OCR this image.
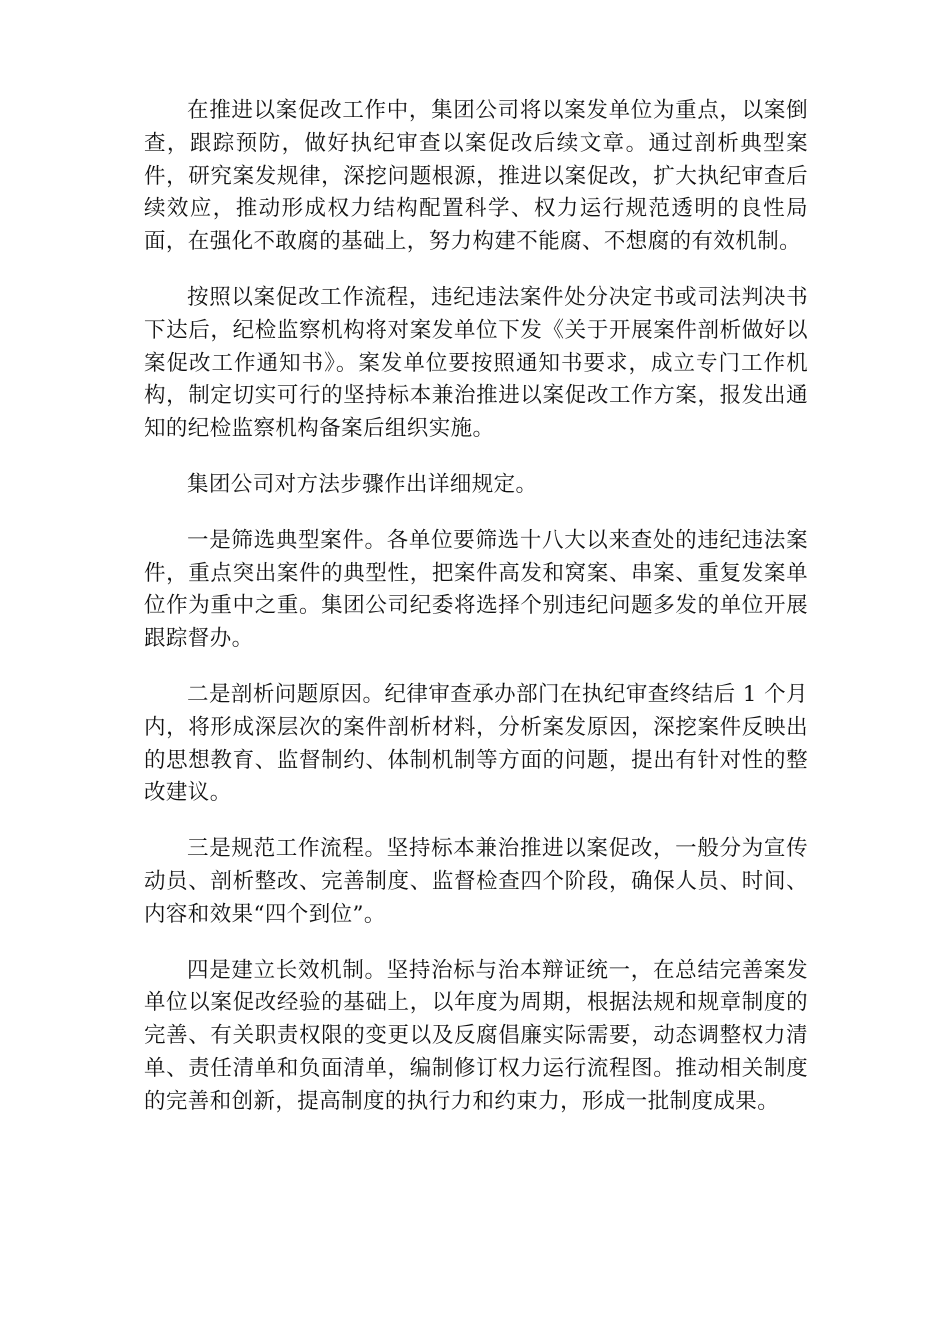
在推进以案促改工作中，集团公司将以案发单位为重点，以案倒查，跟踪预防，做好执纪审查以案促改后续文章。通过剖析典型案件，研究案发规律，深挖问题根源，推进以案促改，扩大执纪审查后续效应，推动形成权力结构配置科学、权力运行规范透明的良性局面，在强化不敢腐的基础上，努力构建不能腐、不想腐的有效机制。

按照以案促改工作流程，违纪违法案件处分决定书或司法判决书下达后，纪检监察机构将对案发单位下发《关于开展案件剖析做好以案促改工作通知书》。案发单位要按照通知书要求，成立专门工作机构，制定切实可行的坚持标本兼治推进以案促改工作方案，报发出通知的纪检监察机构备案后组织实施。

集团公司对方法步骤作出详细规定。

一是筛选典型案件。各单位要筛选十八大以来查处的违纪违法案件，重点突出案件的典型性，把案件高发和窝案、串案、重复发案单位作为重中之重。集团公司纪委将选择个别违纪问题多发的单位开展跟踪督办。

二是剖析问题原因。纪律审查承办部门在执纪审查终结后 1 个月内，将形成深层次的案件剖析材料，分析案发原因，深挖案件反映出的思想教育、监督制约、体制机制等方面的问题，提出有针对性的整改建议。

三是规范工作流程。坚持标本兼治推进以案促改，一般分为宣传动员、剖析整改、完善制度、监督检查四个阶段，确保人员、时间、内容和效果“四个到位”。

四是建立长效机制。坚持治标与治本辩证统一，在总结完善案发单位以案促改经验的基础上，以年度为周期，根据法规和规章制度的完善、有关职责权限的变更以及反腐倡廉实际需要，动态调整权力清单、责任清单和负面清单，编制修订权力运行流程图。推动相关制度的完善和创新，提高制度的执行力和约束力，形成一批制度成果。
